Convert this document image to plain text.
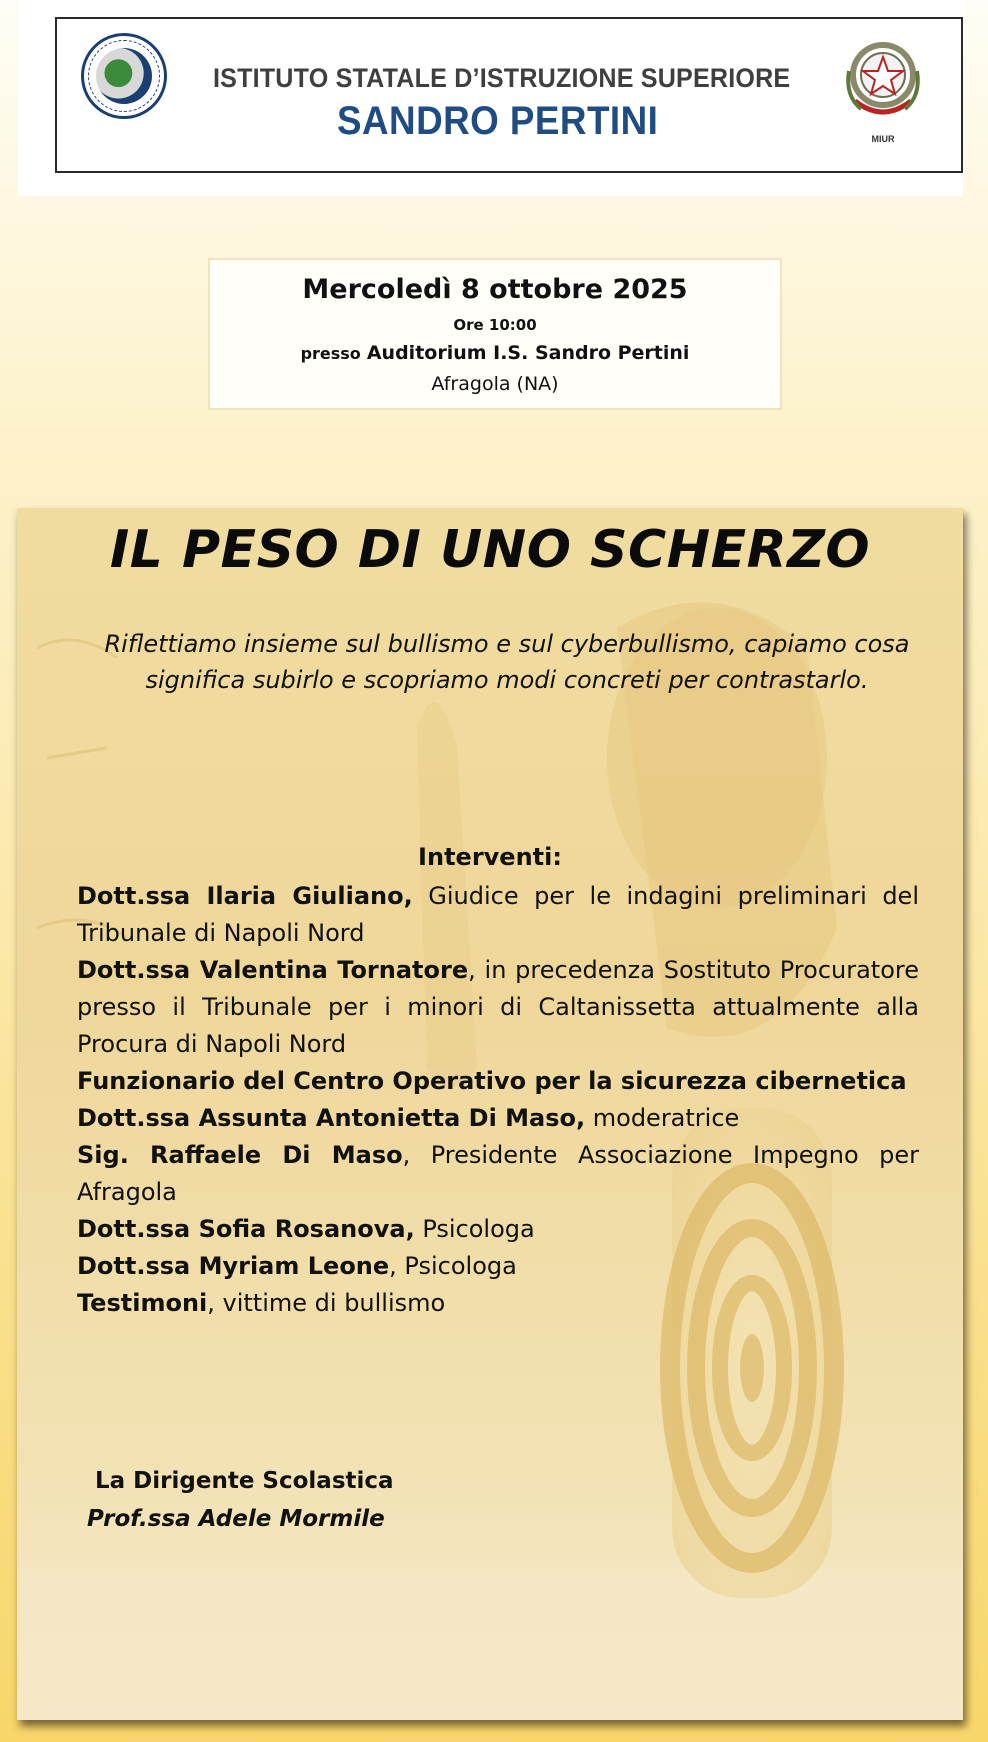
ISTITUTO STATALE D’ISTRUZIONE SUPERIORE
SANDRO PERTINI	MIUR
Mercoledì 8 ottobre 2025
Ore 10:00
presso Auditorium I.S. Sandro Pertini
Afragola (NA)
IL PESO DI UNO SCHERZO
Riflettiamo insieme sul bullismo e sul cyberbullismo, capiamo cosa significa subirlo e scopriamo modi concreti per contrastarlo.
Interventi:
Dott.ssa Ilaria Giuliano, Giudice per le indagini preliminari del Tribunale di Napoli Nord
Dott.ssa Valentina Tornatore, in precedenza Sostituto Procuratore presso il Tribunale per i minori di Caltanissetta attualmente alla Procura di Napoli Nord
Funzionario del Centro Operativo per la sicurezza cibernetica
Dott.ssa Assunta Antonietta Di Maso, moderatrice
Sig. Raffaele Di Maso, Presidente Associazione Impegno per Afragola
Dott.ssa Sofia Rosanova, Psicologa
Dott.ssa Myriam Leone, Psicologa
Testimoni, vittime di bullismo
La Dirigente Scolastica
Prof.ssa Adele Mormile
